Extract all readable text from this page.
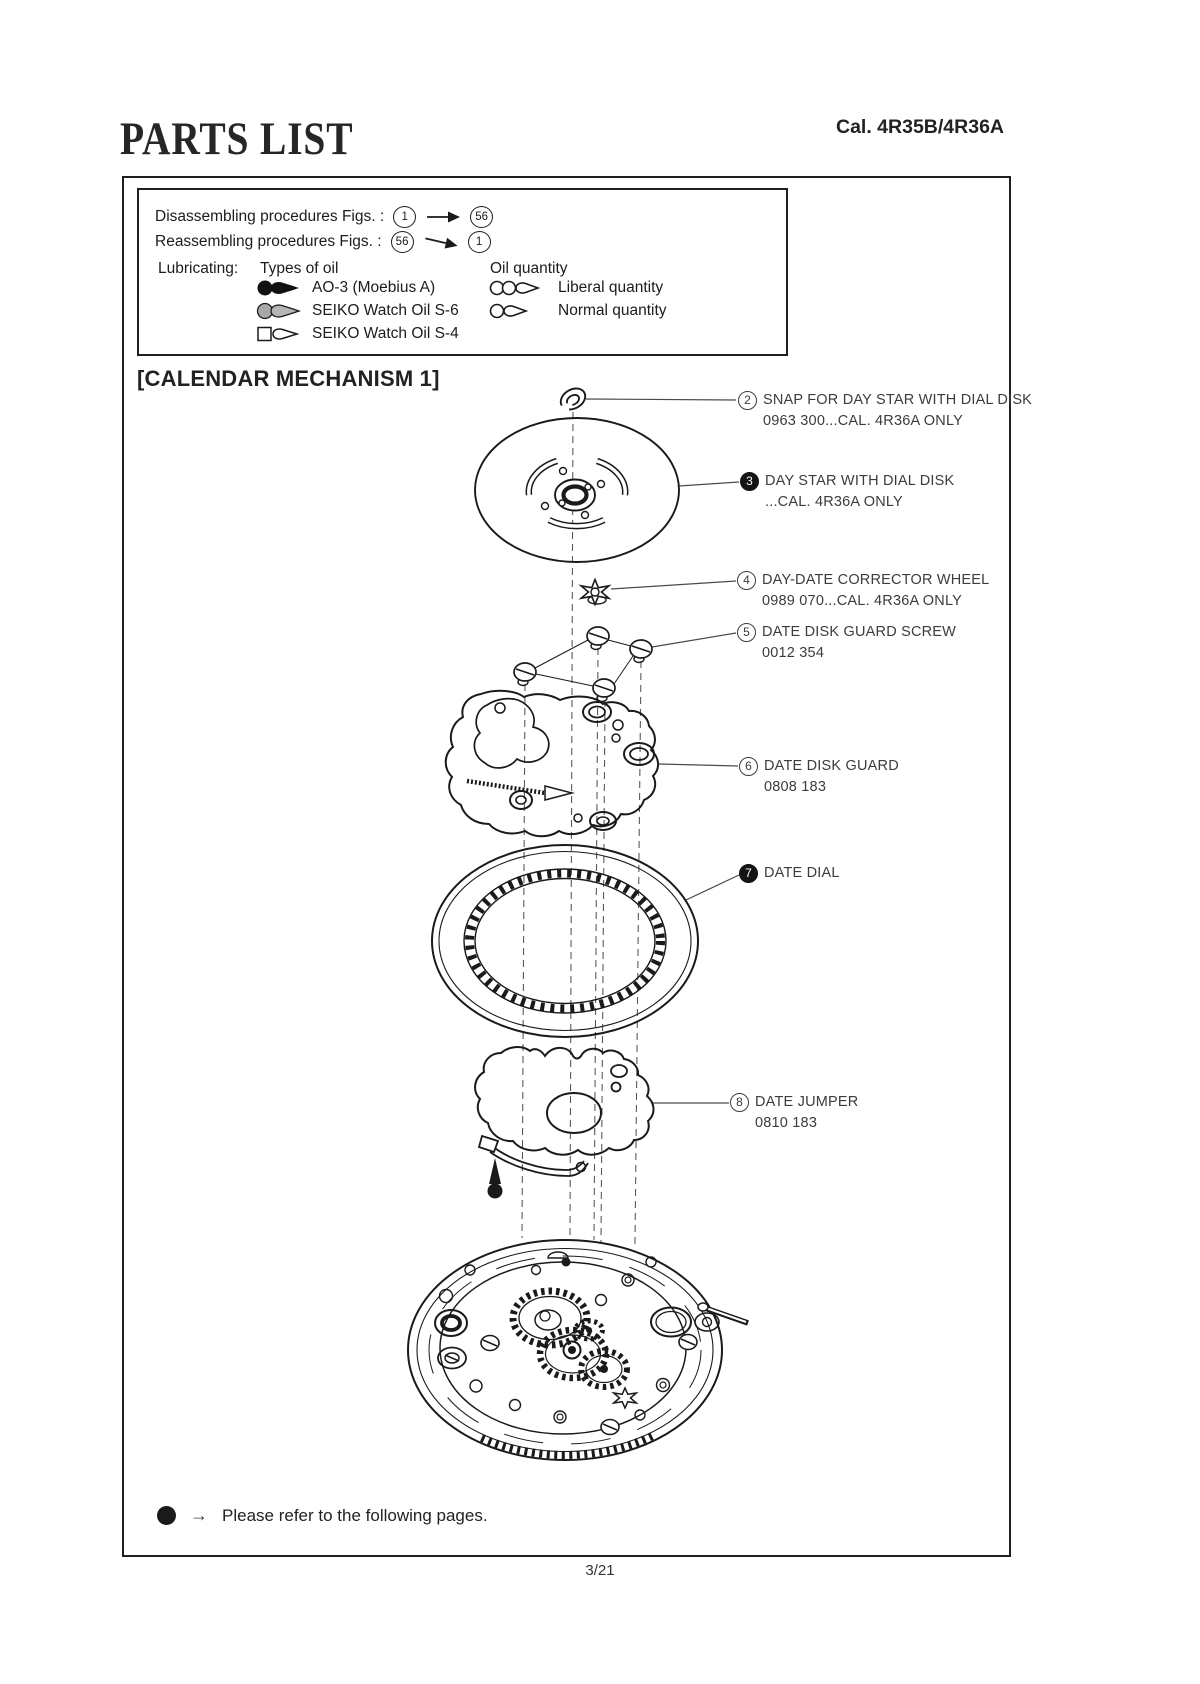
PARTS LIST	Cal. 4R35B/4R36A
Disassembling procedures Figs. :	1	56
Reassembling procedures Figs. :	56	1
Lubricating: Types of oil	Oil quantity
AO-3 (Moebius A)	Liberal quantity
SEIKO Watch Oil S-6	Normal quantity
SEIKO Watch Oil S-4
[CALENDAR MECHANISM 1]
2 SNAP FOR DAY STAR WITH DIAL DISK
0963 300...CAL. 4R36A ONLY
3 DAY STAR WITH DIAL DISK
...CAL. 4R36A ONLY
4 DAY-DATE CORRECTOR WHEEL
0989 070...CAL. 4R36A ONLY
5 DATE DISK GUARD SCREW
0012 354
6 DATE DISK GUARD
0808 183
7 DATE DIAL
8 DATE JUMPER
0810 183
→ Please refer to the following pages.
3/21
